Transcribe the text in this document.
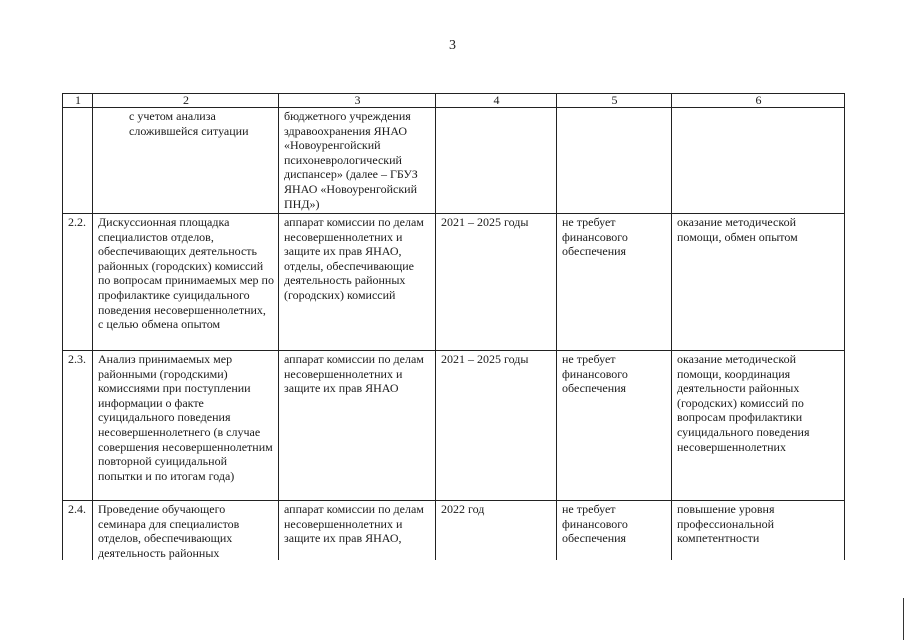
3
1	2	3	4	5	6
	с учетом анализа сложившейся ситуации	бюджетного учреждения здравоохранения ЯНАО «Новоуренгойский психоневрологический диспансер» (далее – ГБУЗ ЯНАО «Новоуренгойский ПНД»)			
2.2.	Дискуссионная площадка специалистов отделов, обеспечивающих деятельность районных (городских) комиссий по вопросам принимаемых мер по профилактике суицидального поведения несовершеннолетних, с целью обмена опытом	аппарат комиссии по делам несовершеннолетних и защите их прав ЯНАО, отделы, обеспечивающие деятельность районных (городских) комиссий	2021 – 2025 годы	не требует финансового обеспечения	оказание методической помощи, обмен опытом
2.3.	Анализ принимаемых мер районными (городскими) комиссиями при поступлении информации о факте суицидального поведения несовершеннолетнего (в случае совершения несовершеннолетним повторной суицидальной попытки и по итогам года)	аппарат комиссии по делам несовершеннолетних и защите их прав ЯНАО	2021 – 2025 годы	не требует финансового обеспечения	оказание методической помощи, координация деятельности районных (городских) комиссий по вопросам профилактики суицидального поведения несовершеннолетних
2.4.	Проведение обучающего семинара для специалистов отделов, обеспечивающих деятельность районных	аппарат комиссии по делам несовершеннолетних и защите их прав ЯНАО,	2022 год	не требует финансового обеспечения	повышение уровня профессиональной компетентности
